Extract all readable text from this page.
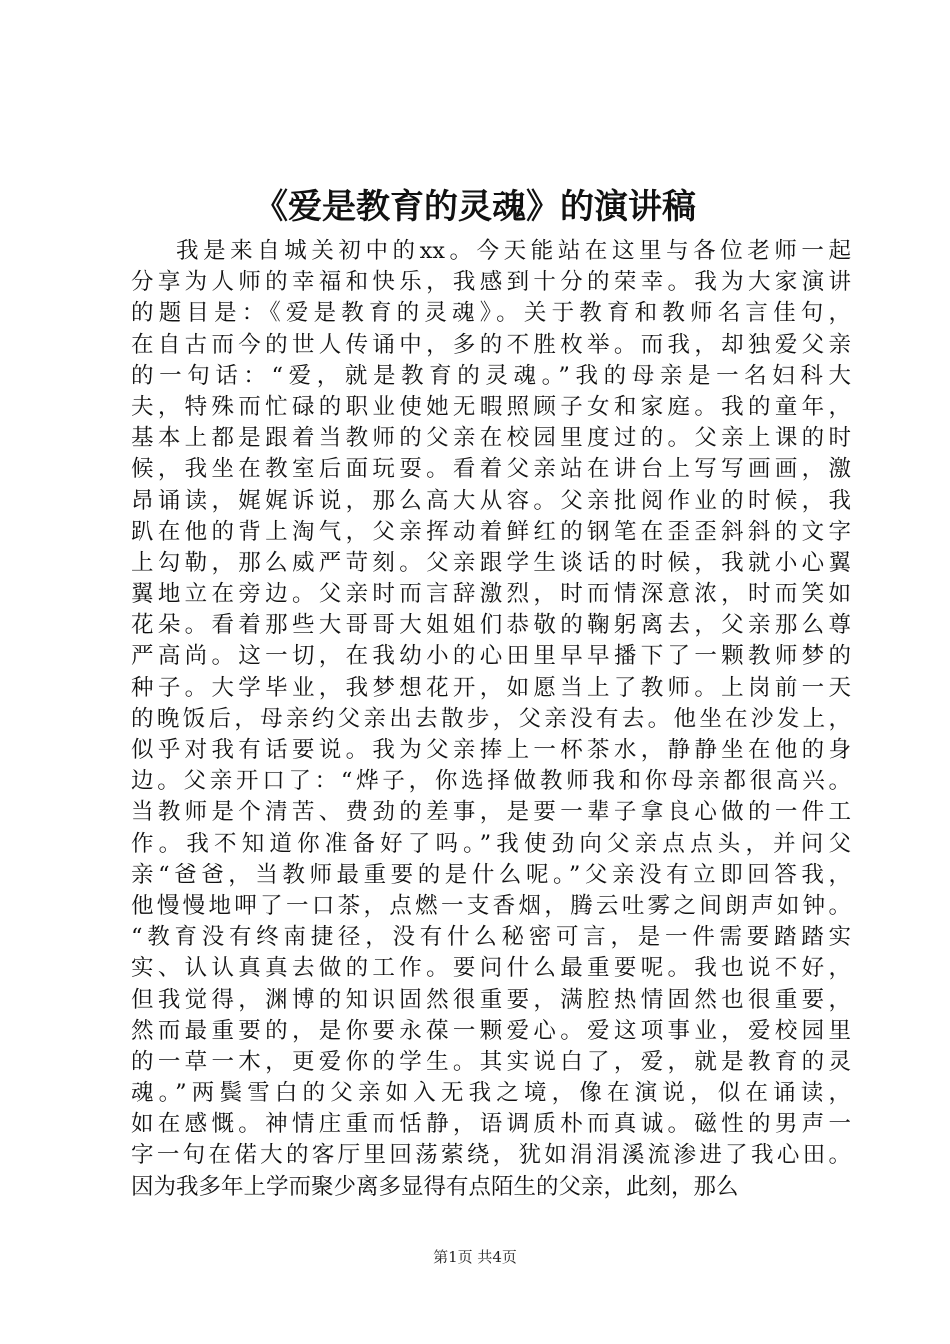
《爱是教育的灵魂》的演讲稿
我是来自城关初中的xx。今天能站在这里与各位老师一起
分享为人师的幸福和快乐，我感到十分的荣幸。我为大家演讲
的题目是：《爱是教育的灵魂》。关于教育和教师名言佳句，
在自古而今的世人传诵中，多的不胜枚举。而我，却独爱父亲
的一句话：“爱，就是教育的灵魂。”我的母亲是一名妇科大
夫，特殊而忙碌的职业使她无暇照顾子女和家庭。我的童年，
基本上都是跟着当教师的父亲在校园里度过的。父亲上课的时
候，我坐在教室后面玩耍。看着父亲站在讲台上写写画画，激
昂诵读，娓娓诉说，那么高大从容。父亲批阅作业的时候，我
趴在他的背上淘气，父亲挥动着鲜红的钢笔在歪歪斜斜的文字
上勾勒，那么威严苛刻。父亲跟学生谈话的时候，我就小心翼
翼地立在旁边。父亲时而言辞激烈，时而情深意浓，时而笑如
花朵。看着那些大哥哥大姐姐们恭敬的鞠躬离去，父亲那么尊
严高尚。这一切，在我幼小的心田里早早播下了一颗教师梦的
种子。大学毕业，我梦想花开，如愿当上了教师。上岗前一天
的晚饭后，母亲约父亲出去散步，父亲没有去。他坐在沙发上，
似乎对我有话要说。我为父亲捧上一杯茶水，静静坐在他的身
边。父亲开口了：“烨子，你选择做教师我和你母亲都很高兴。
当教师是个清苦、费劲的差事，是要一辈子拿良心做的一件工
作。我不知道你准备好了吗。”我使劲向父亲点点头，并问父
亲“爸爸，当教师最重要的是什么呢。”父亲没有立即回答我，
他慢慢地呷了一口茶，点燃一支香烟，腾云吐雾之间朗声如钟。
“教育没有终南捷径，没有什么秘密可言，是一件需要踏踏实
实、认认真真去做的工作。要问什么最重要呢。我也说不好，
但我觉得，渊博的知识固然很重要，满腔热情固然也很重要，
然而最重要的，是你要永葆一颗爱心。爱这项事业，爱校园里
的一草一木，更爱你的学生。其实说白了，爱，就是教育的灵
魂。”两鬓雪白的父亲如入无我之境，像在演说，似在诵读，
如在感慨。神情庄重而恬静，语调质朴而真诚。磁性的男声一
字一句在偌大的客厅里回荡萦绕，犹如涓涓溪流渗进了我心田。
因为我多年上学而聚少离多显得有点陌生的父亲，此刻，那么
第1页 共4页
